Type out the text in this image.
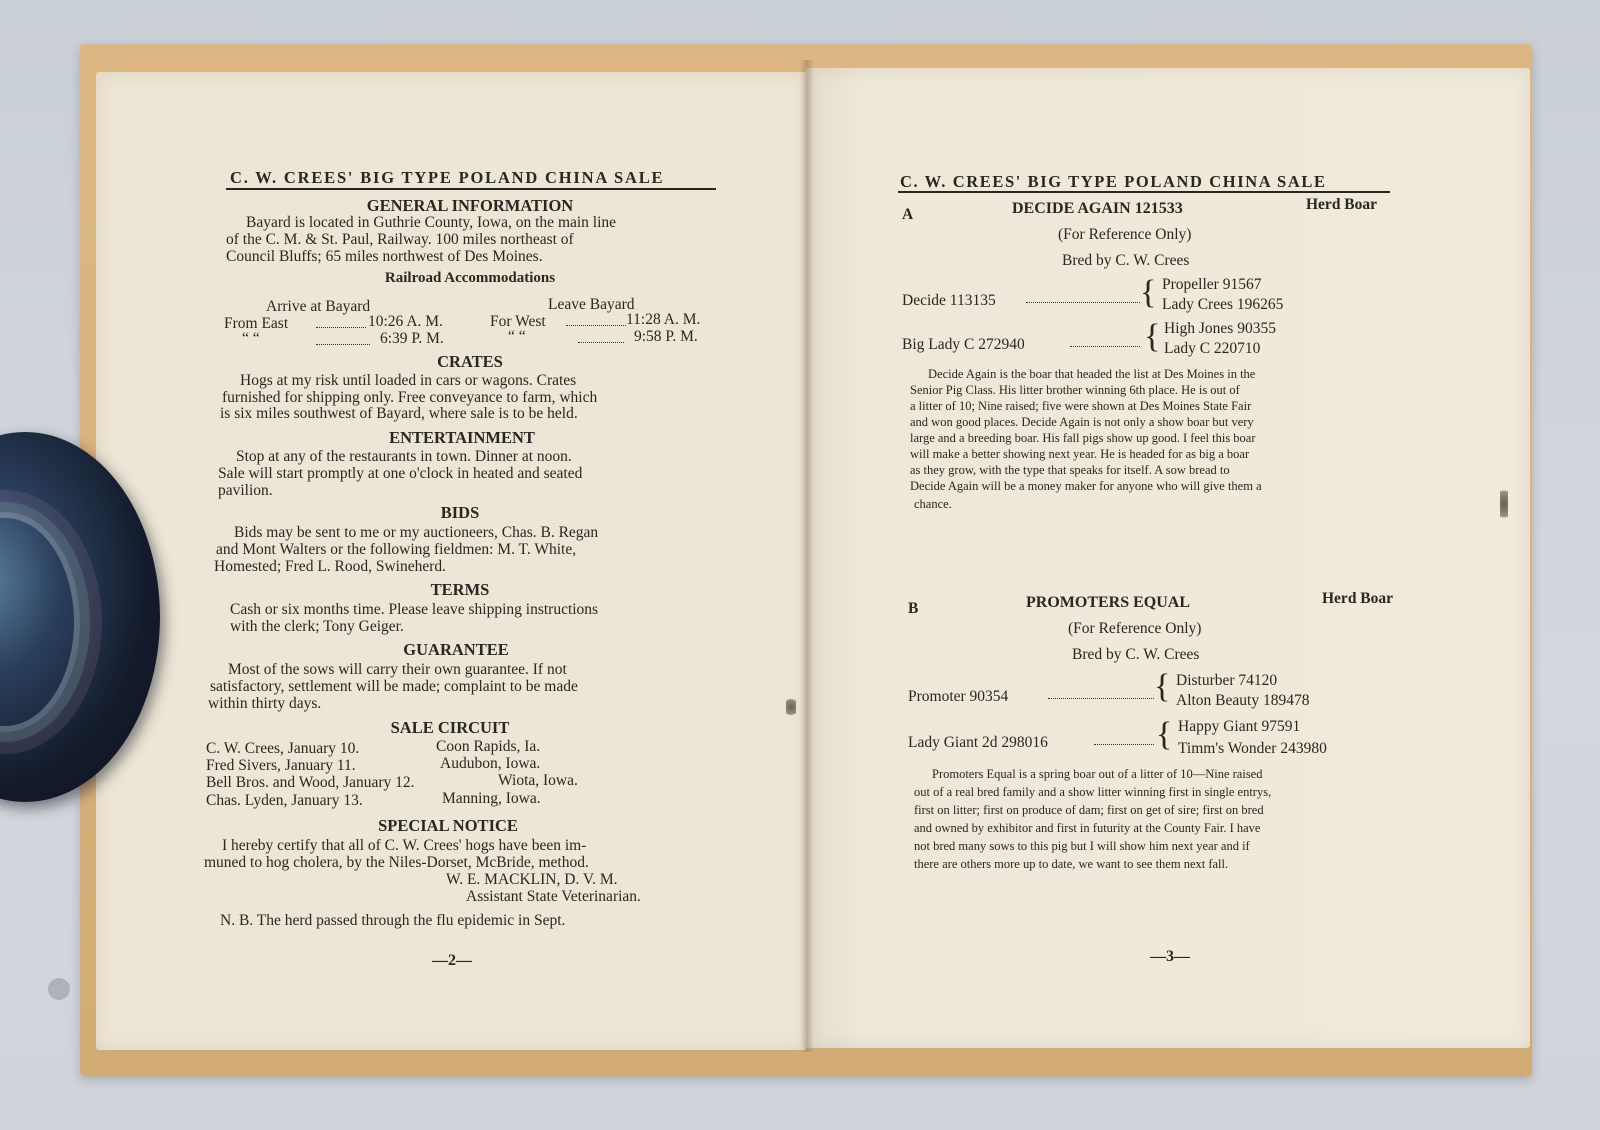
C. W. CREES' BIG TYPE POLAND CHINA SALE
GENERAL INFORMATION
Bayard is located in Guthrie County, Iowa, on the main line
of the C. M. & St. Paul, Railway. 100 miles northeast of
Council Bluffs; 65 miles northwest of Des Moines.
Railroad Accommodations
Arrive at Bayard	Leave Bayard
From East	10:26 A. M.
“ “	6:39 P. M.
For West	11:28 A. M.
“ “	9:58 P. M.
CRATES
Hogs at my risk until loaded in cars or wagons. Crates
furnished for shipping only. Free conveyance to farm, which
is six miles southwest of Bayard, where sale is to be held.
ENTERTAINMENT
Stop at any of the restaurants in town. Dinner at noon.
Sale will start promptly at one o'clock in heated and seated
pavilion.
BIDS
Bids may be sent to me or my auctioneers, Chas. B. Regan
and Mont Walters or the following fieldmen: M. T. White,
Homested; Fred L. Rood, Swineherd.
TERMS
Cash or six months time. Please leave shipping instructions
with the clerk; Tony Geiger.
GUARANTEE
Most of the sows will carry their own guarantee. If not
satisfactory, settlement will be made; complaint to be made
within thirty days.
SALE CIRCUIT
C. W. Crees, January 10.	Coon Rapids, Ia.
Fred Sivers, January 11.	Audubon, Iowa.
Bell Bros. and Wood, January 12.	Wiota, Iowa.
Chas. Lyden, January 13.	Manning, Iowa.
SPECIAL NOTICE
I hereby certify that all of C. W. Crees' hogs have been im-
muned to hog cholera, by the Niles-Dorset, McBride, method.
W. E. MACKLIN, D. V. M.
Assistant State Veterinarian.
N. B. The herd passed through the flu epidemic in Sept.
—2—
C. W. CREES' BIG TYPE POLAND CHINA SALE
A	DECIDE AGAIN 121533	Herd Boar
(For Reference Only)
Bred by C. W. Crees
Decide 113135	{ Propeller 91567
Lady Crees 196265
Big Lady C 272940	{ High Jones 90355
Lady C 220710
Decide Again is the boar that headed the list at Des Moines in the
Senior Pig Class. His litter brother winning 6th place. He is out of
a litter of 10; Nine raised; five were shown at Des Moines State Fair
and won good places. Decide Again is not only a show boar but very
large and a breeding boar. His fall pigs show up good. I feel this boar
will make a better showing next year. He is headed for as big a boar
as they grow, with the type that speaks for itself. A sow bread to
Decide Again will be a money maker for anyone who will give them a
chance.
B	PROMOTERS EQUAL	Herd Boar
(For Reference Only)
Bred by C. W. Crees
Promoter 90354	{ Disturber 74120
Alton Beauty 189478
Lady Giant 2d 298016	{ Happy Giant 97591
Timm's Wonder 243980
Promoters Equal is a spring boar out of a litter of 10—Nine raised
out of a real bred family and a show litter winning first in single entrys,
first on litter; first on produce of dam; first on get of sire; first on bred
and owned by exhibitor and first in futurity at the County Fair. I have
not bred many sows to this pig but I will show him next year and if
there are others more up to date, we want to see them next fall.
—3—
